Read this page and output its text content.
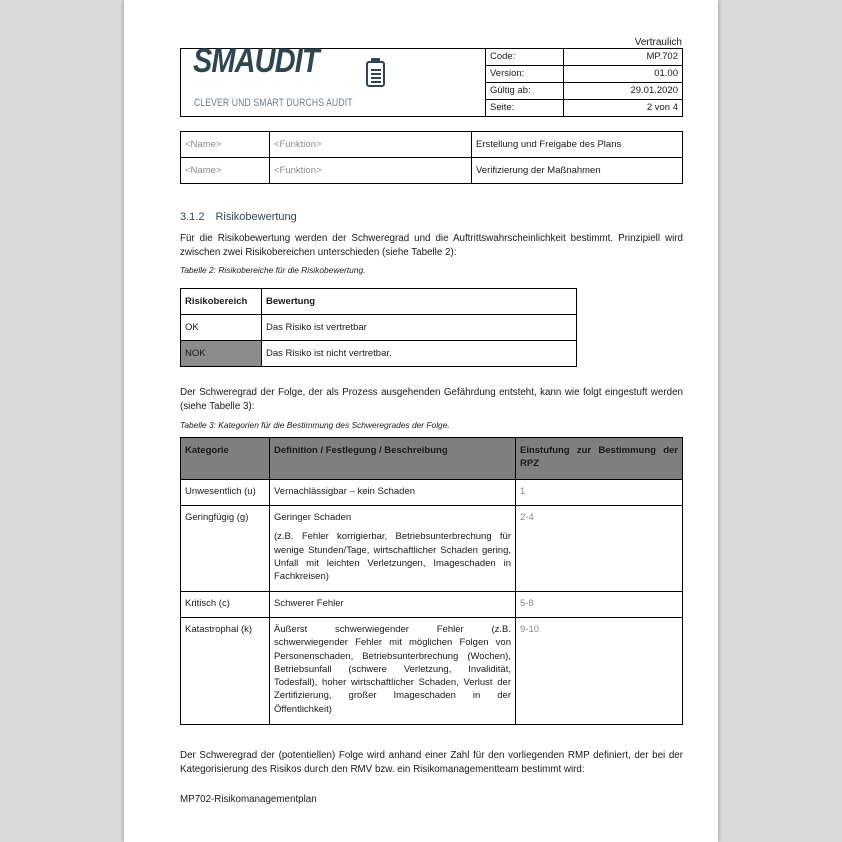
Vertraulich
SMAUDIT
CLEVER UND SMART DURCHS AUDIT	Code:	MP.702
	Version:	01.00
	Gültig ab:	29.01.2020
	Seite:	2 von 4
<Name>	<Funktion>	Erstellung und Freigabe des Plans
<Name>	<Funktion>	Verifizierung der Maßnahmen
3.1.2 Risikobewertung
Für die Risikobewertung werden der Schweregrad und die Auftrittswahrscheinlichkeit bestimmt. Prinzipiell wird zwischen zwei Risikobereichen unterschieden (siehe Tabelle 2):
Tabelle 2: Risikobereiche für die Risikobewertung.
Risikobereich	Bewertung
OK	Das Risiko ist vertretbar
NOK	Das Risiko ist nicht vertretbar.
Der Schweregrad der Folge, der als Prozess ausgehenden Gefährdung entsteht, kann wie folgt eingestuft werden (siehe Tabelle 3):
Tabelle 3: Kategorien für die Bestimmung des Schweregrades der Folge.
Kategorie	Definition / Festlegung / Beschreibung	Einstufung zur Bestimmung der RPZ
Unwesentlich (u)	Vernachlässigbar – kein Schaden	1
Geringfügig (g)	Geringer Schaden

(z.B. Fehler korrigierbar, Betriebsunterbrechung für wenige Stunden/Tage, wirtschaftlicher Schaden gering, Unfall mit leichten Verletzungen, Imageschaden in Fachkreisen)	2-4
Kritisch (c)	Schwerer Fehler	5-8
Katastrophal (k)	Äußerst schwerwiegender Fehler (z.B. schwerwiegender Fehler mit möglichen Folgen von Personenschaden, Betriebsunterbrechung (Wochen), Betriebsunfall (schwere Verletzung, Invalidität, Todesfall), hoher wirtschaftlicher Schaden, Verlust der Zertifizierung, großer Imageschaden in der Öffentlichkeit)	9-10
Der Schweregrad der (potentiellen) Folge wird anhand einer Zahl für den vorliegenden RMP definiert, der bei der Kategorisierung des Risikos durch den RMV bzw. ein Risikomanagementteam bestimmt wird:
MP702-Risikomanagementplan
